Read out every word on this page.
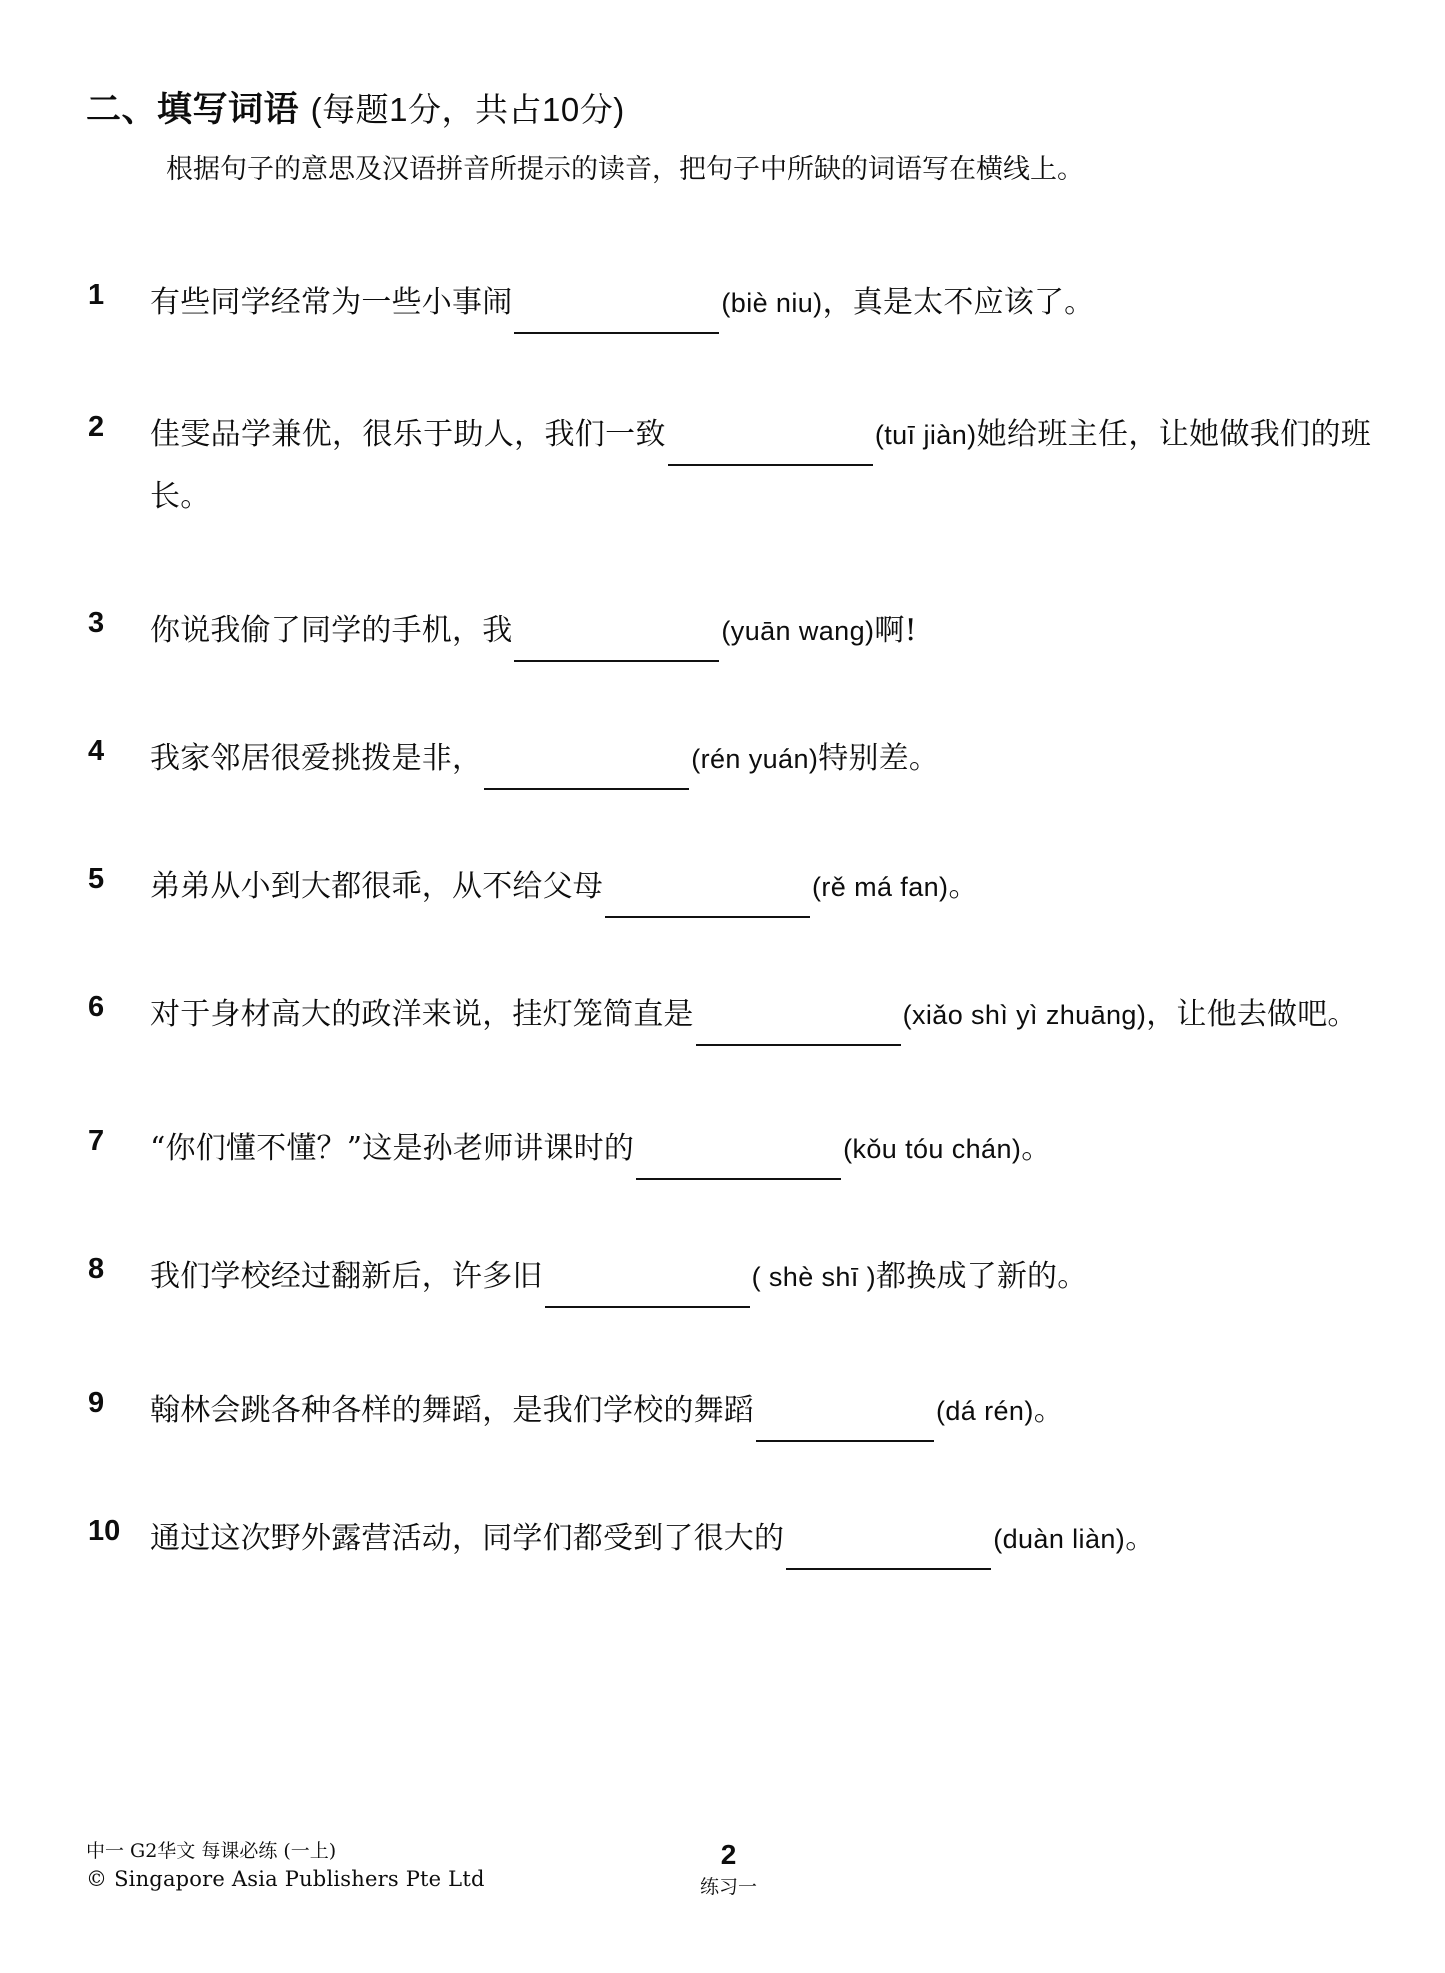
二、填写词语 (每题1分，共占10分)
根据句子的意思及汉语拼音所提示的读音，把句子中所缺的词语写在横线上。
1	有些同学经常为一些小事闹	(biè niu)，真是太不应该了。
2	佳雯品学兼优，很乐于助人，我们一致	(tuī jiàn)她给班主任，让她做我们的班长。
3	你说我偷了同学的手机，我	(yuān wang)啊!
4	我家邻居很爱挑拨是非，	(rén yuán)特别差。
5	弟弟从小到大都很乖，从不给父母	(rě má fan)。
6	对于身材高大的政洋来说，挂灯笼简直是	(xiǎo shì yì zhuāng)，让他去做吧。
7	“你们懂不懂？”这是孙老师讲课时的	(kǒu tóu chán)。
8	我们学校经过翻新后，许多旧	( shè shī )都换成了新的。
9	翰林会跳各种各样的舞蹈，是我们学校的舞蹈	(dá rén)。
10 通过这次野外露营活动，同学们都受到了很大的	(duàn liàn)。
中一 G2华文 每课必练 (一上)
© Singapore Asia Publishers Pte Ltd
2
练习一
